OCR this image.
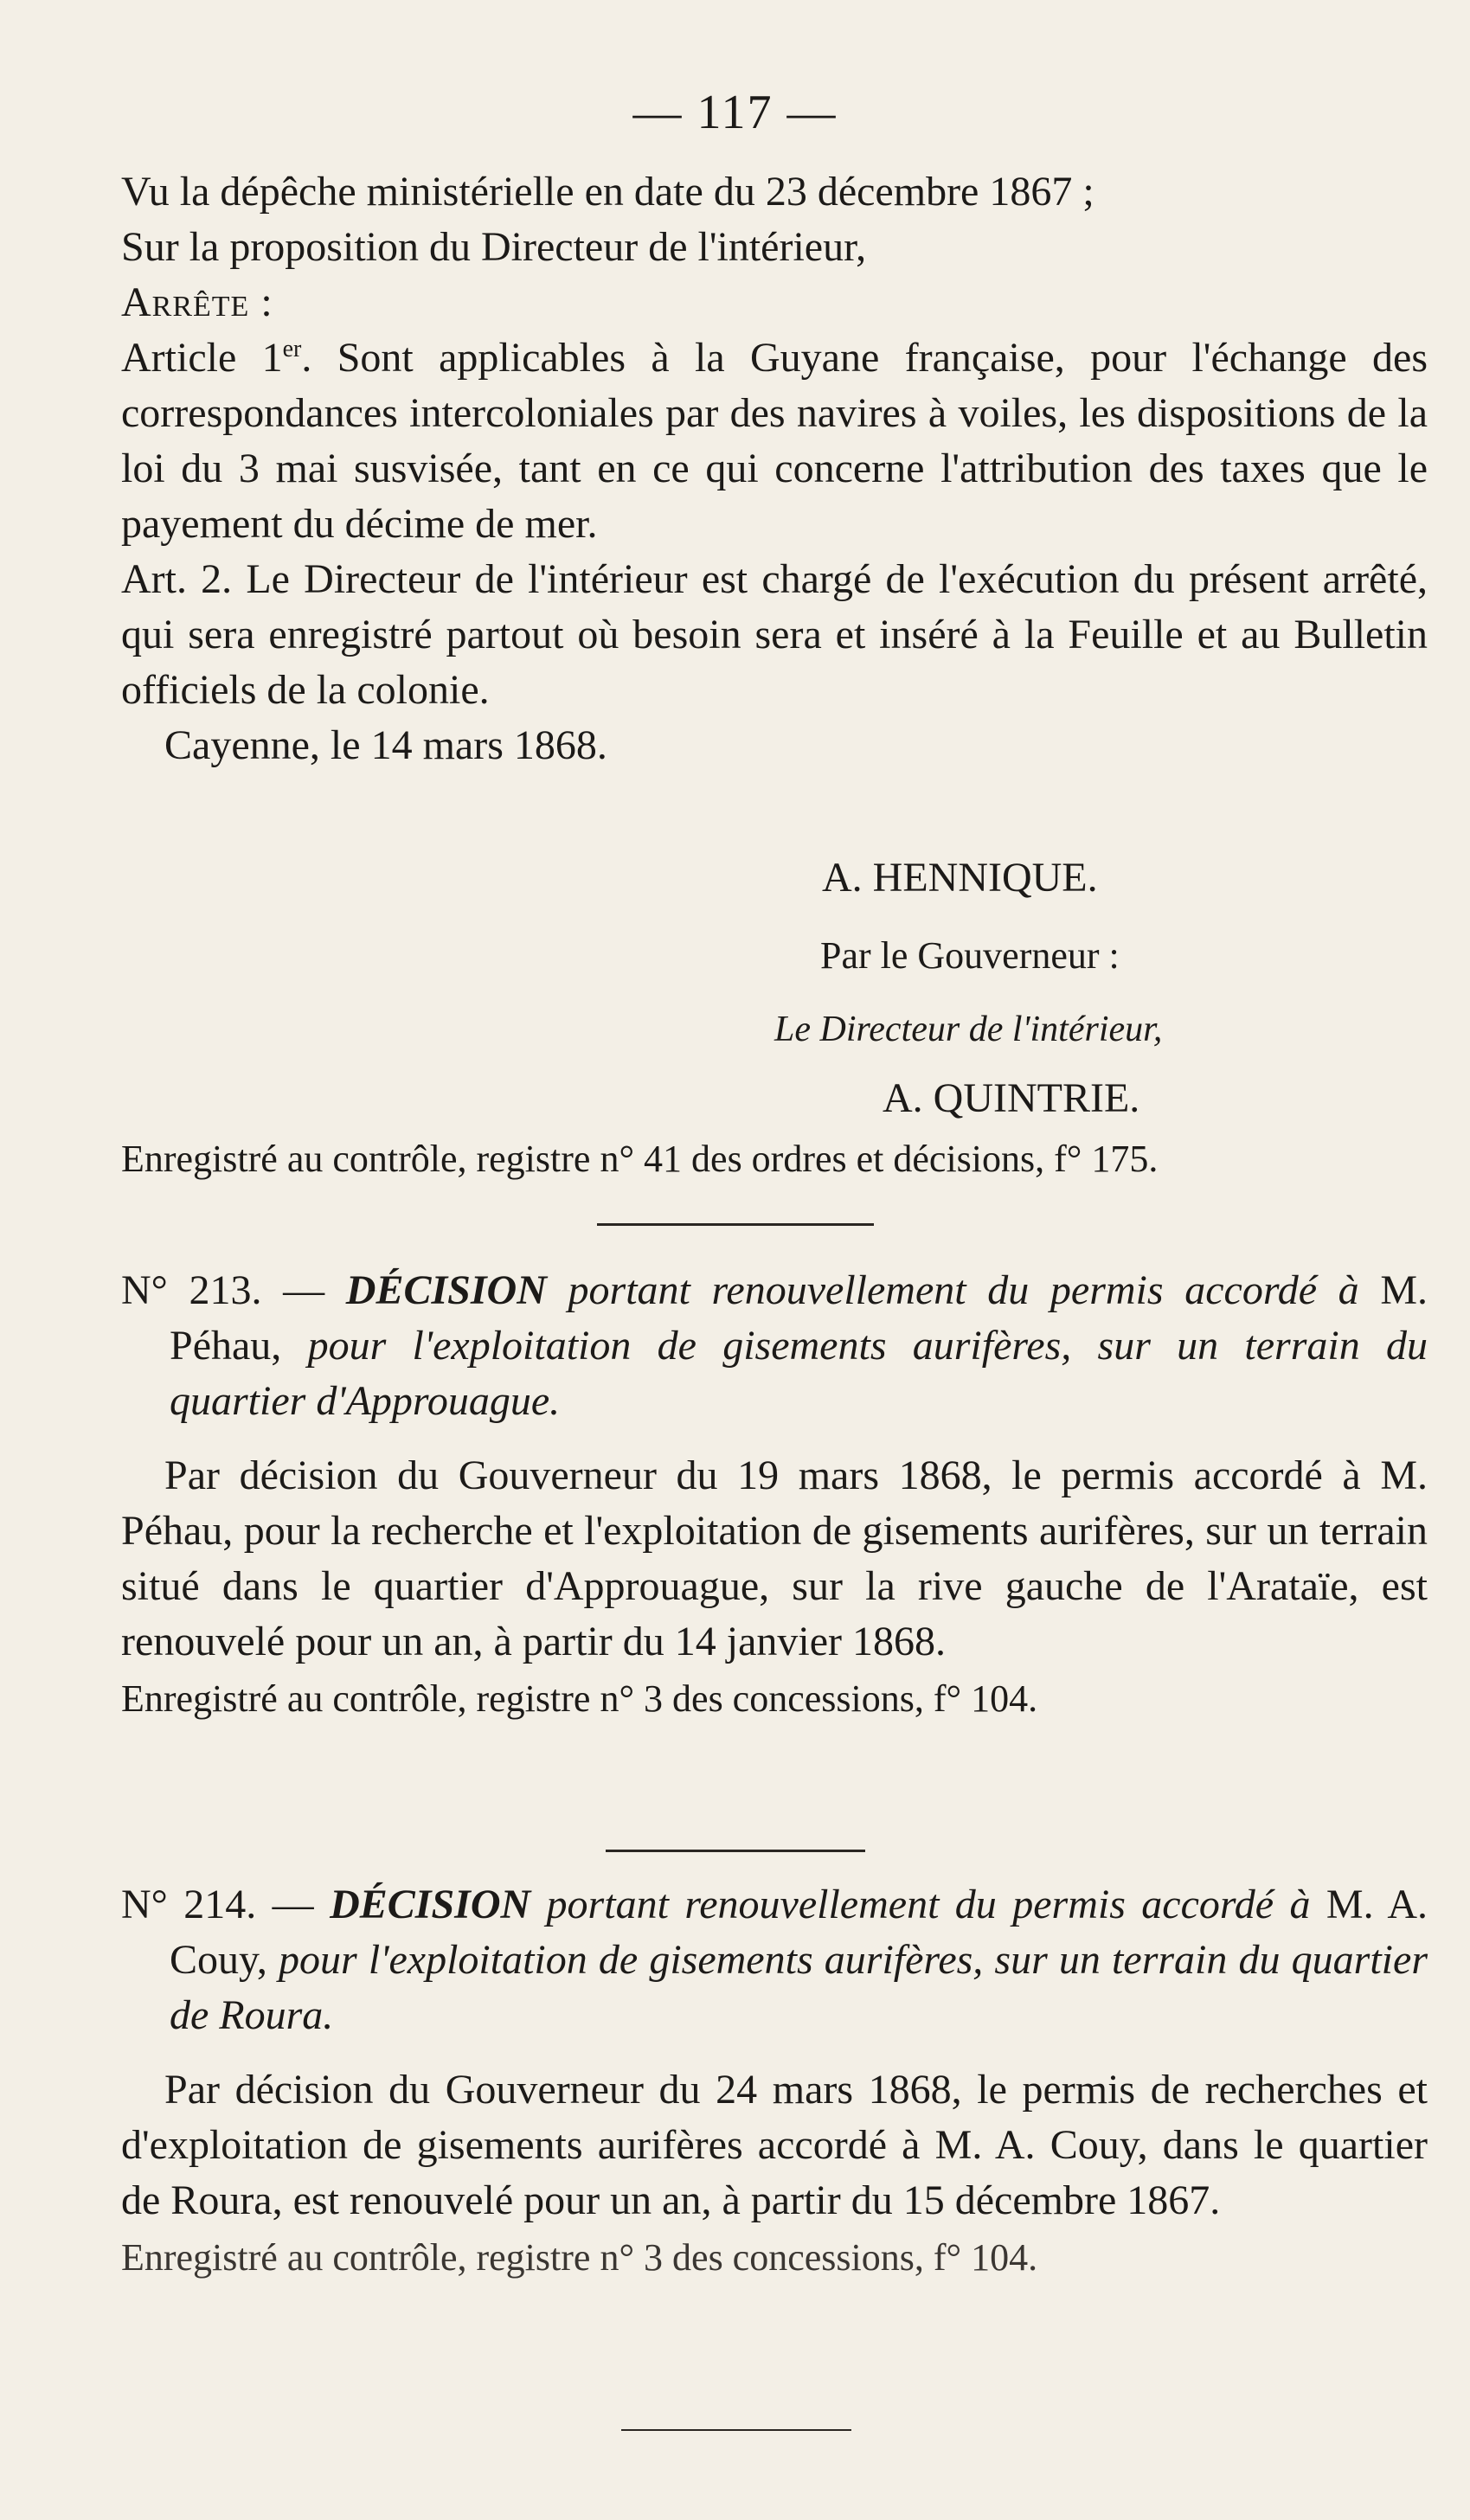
— 117 —

Vu la dépêche ministérielle en date du 23 décembre 1867 ;

Sur la proposition du Directeur de l'intérieur,

Arrête :

Article 1er. Sont applicables à la Guyane française, pour l'échange des correspondances intercoloniales par des navires à voiles, les dispositions de la loi du 3 mai susvisée, tant en ce qui concerne l'attribution des taxes que le payement du décime de mer.

Art. 2. Le Directeur de l'intérieur est chargé de l'exécution du présent arrêté, qui sera enregistré partout où besoin sera et inséré à la Feuille et au Bulletin officiels de la colonie.

Cayenne, le 14 mars 1868.

A. HENNIQUE.
Par le Gouverneur :
Le Directeur de l'intérieur,
A. QUINTRIE.

Enregistré au contrôle, registre n° 41 des ordres et décisions, f° 175.

N° 213. — DÉCISION portant renouvellement du permis accordé à M. Péhau, pour l'exploitation de gisements aurifères, sur un terrain du quartier d'Approuague.

Par décision du Gouverneur du 19 mars 1868, le permis accordé à M. Péhau, pour la recherche et l'exploitation de gisements aurifères, sur un terrain situé dans le quartier d'Approuague, sur la rive gauche de l'Arataïe, est renouvelé pour un an, à partir du 14 janvier 1868.

Enregistré au contrôle, registre n° 3 des concessions, f° 104.

N° 214. — DÉCISION portant renouvellement du permis accordé à M. A. Couy, pour l'exploitation de gisements aurifères, sur un terrain du quartier de Roura.

Par décision du Gouverneur du 24 mars 1868, le permis de recherches et d'exploitation de gisements aurifères accordé à M. A. Couy, dans le quartier de Roura, est renouvelé pour un an, à partir du 15 décembre 1867.

Enregistré au contrôle, registre n° 3 des concessions, f° 104.
